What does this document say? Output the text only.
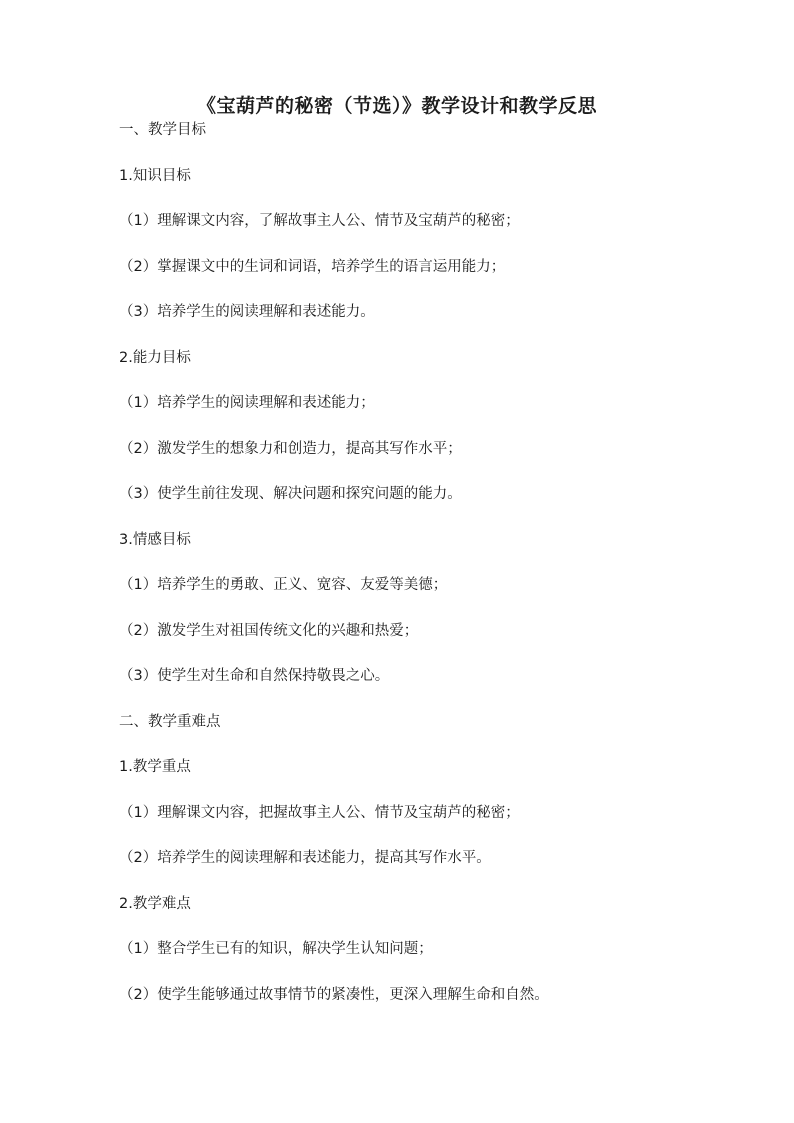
《宝葫芦的秘密（节选）》教学设计和教学反思
一、教学目标
1.知识目标
（1）理解课文内容，了解故事主人公、情节及宝葫芦的秘密；
（2）掌握课文中的生词和词语，培养学生的语言运用能力；
（3）培养学生的阅读理解和表述能力。
2.能力目标
（1）培养学生的阅读理解和表述能力；
（2）激发学生的想象力和创造力，提高其写作水平；
（3）使学生前往发现、解决问题和探究问题的能力。
3.情感目标
（1）培养学生的勇敢、正义、宽容、友爱等美德；
（2）激发学生对祖国传统文化的兴趣和热爱；
（3）使学生对生命和自然保持敬畏之心。
二、教学重难点
1.教学重点
（1）理解课文内容，把握故事主人公、情节及宝葫芦的秘密；
（2）培养学生的阅读理解和表述能力，提高其写作水平。
2.教学难点
（1）整合学生已有的知识，解决学生认知问题；
（2）使学生能够通过故事情节的紧凑性，更深入理解生命和自然。
